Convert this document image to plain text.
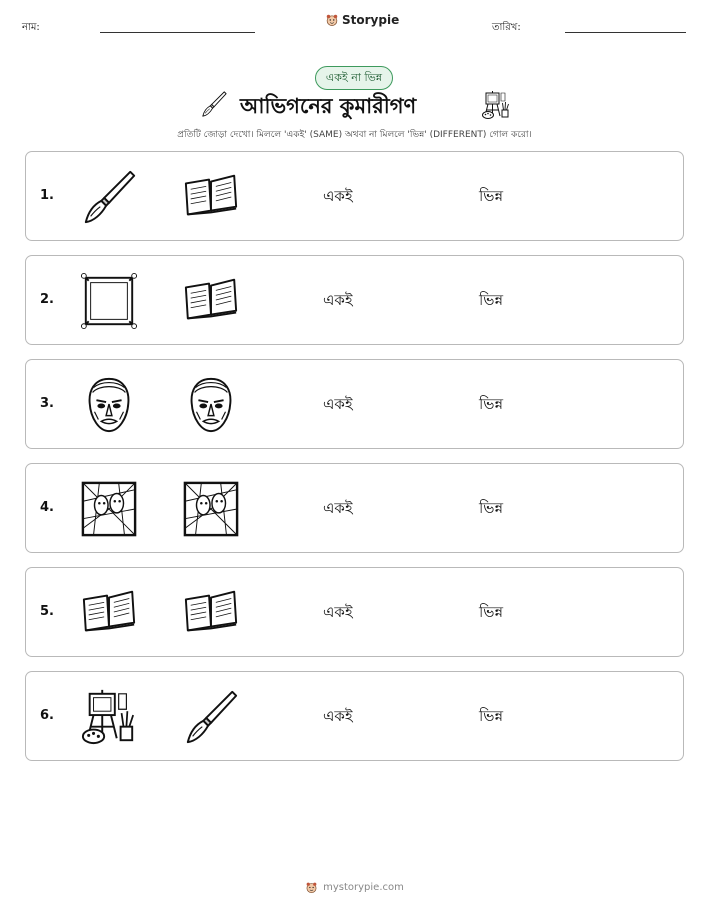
নাম:
Storypie
তারিখ:
একই না ভিন্ন
আভিগনের কুমারীগণ
প্রতিটি জোড়া দেখো। মিললে 'একই' (SAME) অথবা না মিললে 'ভিন্ন' (DIFFERENT) গোল করো।
1.	একই	ভিন্ন
2.	একই	ভিন্ন
3.	একই	ভিন্ন
4.	একই	ভিন্ন
5.	একই	ভিন্ন
6.	একই	ভিন্ন
mystorypie.com
